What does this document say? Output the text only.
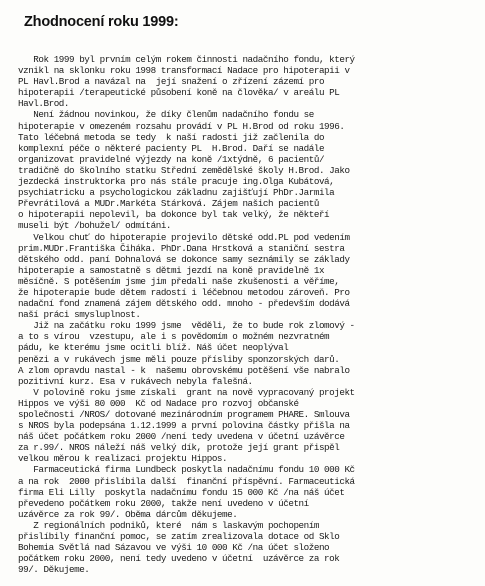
Zhodnocení roku 1999:
Rok 1999 byl prvním celým rokem činnosti nadačního fondu, který
vznikl na sklonku roku 1998 transformací Nadace pro hipoterapii v
PL Havl.Brod a navázal na  její snažení o zřízení zázemí pro
hipoterapii /terapeutické působení koně na člověka/ v areálu PL
Havl.Brod.
Není žádnou novinkou, že díky členům nadačního fondu se
hipoterapie v omezeném rozsahu provádí v PL H.Brod od roku 1996.
Tato léčebná metoda se tedy  k naší radosti již začlenila do
komplexní péče o některé pacienty PL  H.Brod. Daří se nadále
organizovat pravidelné výjezdy na koně /1xtýdně, 6 pacientů/
tradičně do školního statku Střední zemědělské školy H.Brod. Jako
jezdecká instruktorka pro nás stále pracuje ing.Olga Kubátová,
psychiatricku a psychologickou základnu zajišťují PhDr.Jarmila
Převrátilová a MUDr.Markéta Stárková. Zájem našich pacientů
o hipoterapii nepolevil, ba dokonce byl tak velký, že někteří
museli být /bohužel/ odmítáni.
Velkou chuť do hipoterapie projevilo dětské odd.PL pod vedením
prim.MUDr.Františka Čiháka. PhDr.Dana Hrstková a staniční sestra
dětského odd. paní Dohnalová se dokonce samy seznámily se základy
hipoterapie a samostatně s dětmi jezdí na koně pravidelně 1x
měsíčně. S potěšením jsme jim předali naše zkušenosti a věříme,
že hipoterapie bude dětem radostí i léčebnou metodou zároveň. Pro
nadační fond znamená zájem dětského odd. mnoho - především dodává
naší práci smysluplnost.
Již na začátku roku 1999 jsme  věděli, že to bude rok zlomový -
a to s vírou  vzestupu, ale i s povědomím o možném nezvratném
pádu, ke kterému jsme ocitli blíž. Náš účet neoplýval
penězi a v rukávech jsme měli pouze přísliby sponzorských darů.
A zlom opravdu nastal - k  našemu obrovskému potěšení vše nabralo
pozitivní kurz. Esa v rukávech nebyla falešná.
V polovině roku jsme získali  grant na nově vypracovaný projekt
Hippos ve výši 80 000  Kč od Nadace pro rozvoj občanské
společnosti /NROS/ dotované mezinárodním programem PHARE. Smlouva
s NROS byla podepsána 1.12.1999 a první polovina částky přišla na
náš účet počátkem roku 2000 /není tedy uvedena v účetní uzávěrce
za r.99/. NROS náleží náš velký dík, protože její grant přispěl
velkou měrou k realizaci projektu Hippos.
Farmaceutická firma Lundbeck poskytla nadačnímu fondu 10 000 Kč
a na rok  2000 přislíbila další  finanční příspěvní. Farmaceutická
firma Eli Lilly  poskytla nadačnímu fondu 15 000 Kč /na náš účet
převedeno počátkem roku 2000, takže není uvedeno v účetní
uzávěrce za rok 99/. Oběma dárcům děkujeme.
Z regionálních podniků, které  nám s laskavým pochopením
přislíbily finanční pomoc, se zatím zrealizovala dotace od Sklo
Bohemia Světlá nad Sázavou ve výši 10 000 Kč /na účet složeno
počátkem roku 2000, není tedy uvedeno v účetní  uzávěrce za rok
99/. Děkujeme.
